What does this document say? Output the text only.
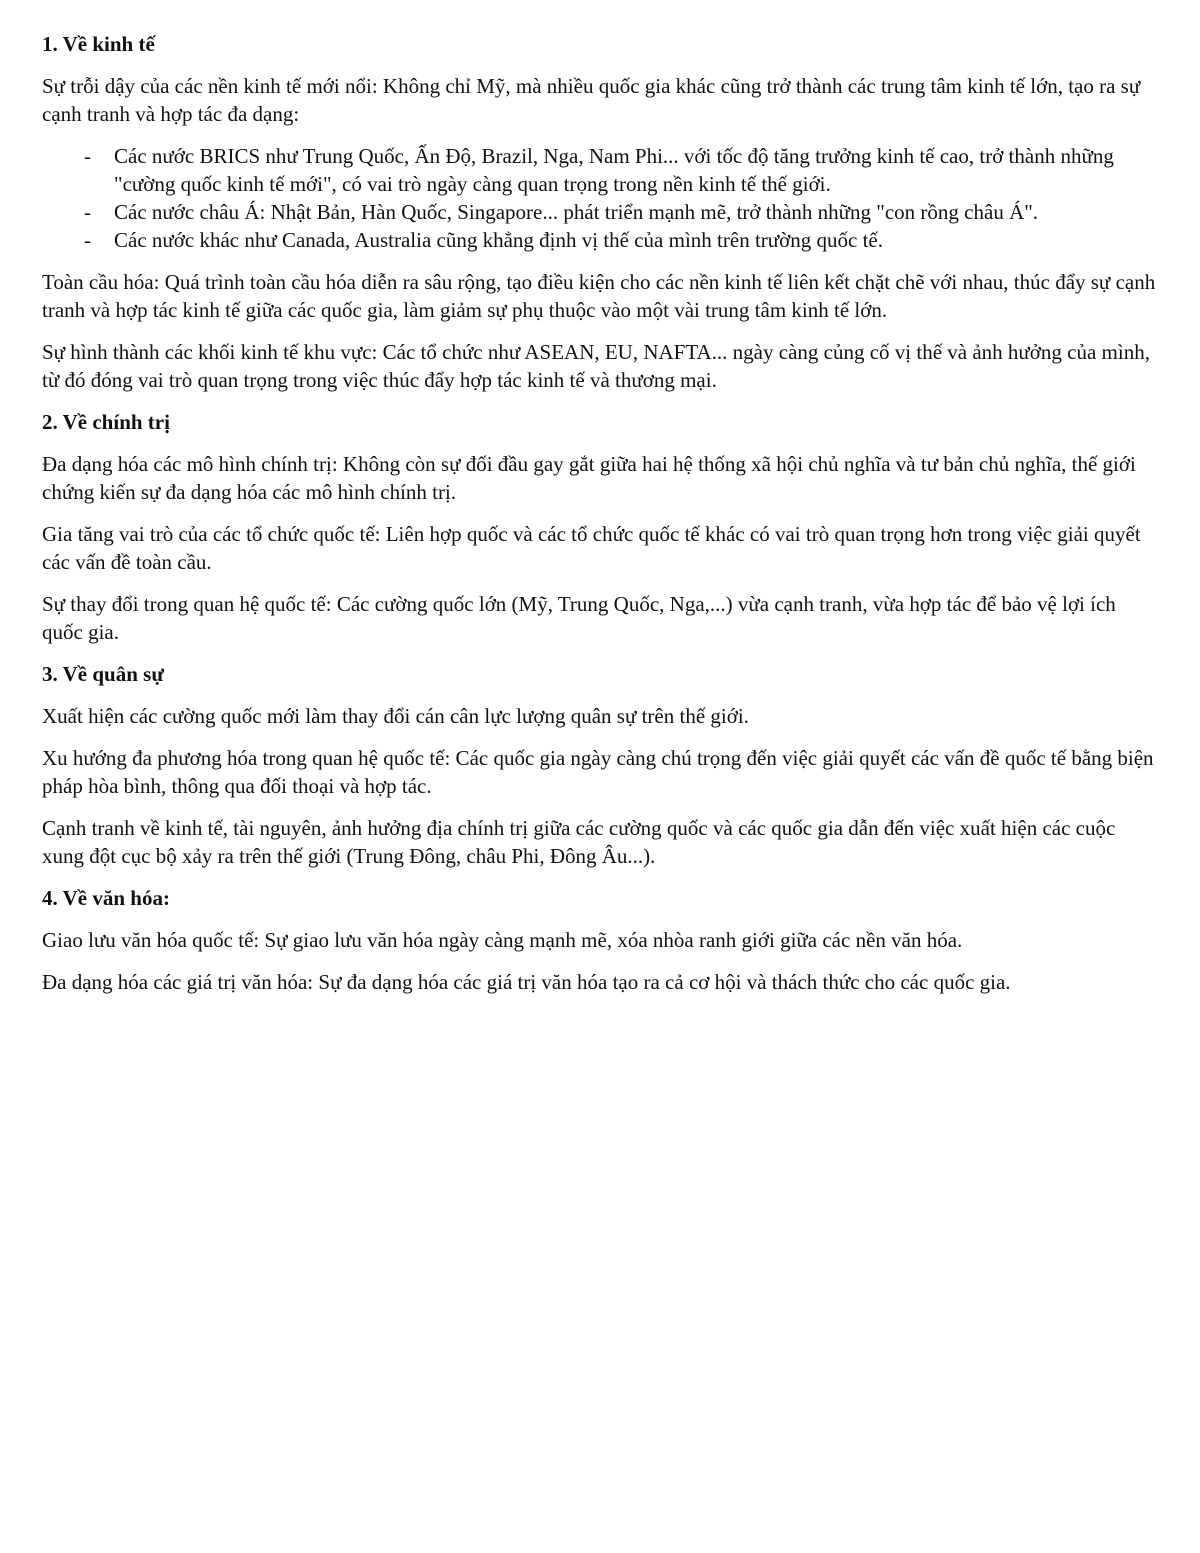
1. Về kinh tế

Sự trỗi dậy của các nền kinh tế mới nổi: Không chỉ Mỹ, mà nhiều quốc gia khác cũng trở thành các trung tâm kinh tế lớn, tạo ra sự cạnh tranh và hợp tác đa dạng:

- Các nước BRICS như Trung Quốc, Ấn Độ, Brazil, Nga, Nam Phi... với tốc độ tăng trưởng kinh tế cao, trở thành những "cường quốc kinh tế mới", có vai trò ngày càng quan trọng trong nền kinh tế thế giới.
- Các nước châu Á: Nhật Bản, Hàn Quốc, Singapore... phát triển mạnh mẽ, trở thành những "con rồng châu Á".
- Các nước khác như Canada, Australia cũng khẳng định vị thế của mình trên trường quốc tế.

Toàn cầu hóa: Quá trình toàn cầu hóa diễn ra sâu rộng, tạo điều kiện cho các nền kinh tế liên kết chặt chẽ với nhau, thúc đẩy sự cạnh tranh và hợp tác kinh tế giữa các quốc gia, làm giảm sự phụ thuộc vào một vài trung tâm kinh tế lớn.

Sự hình thành các khối kinh tế khu vực: Các tổ chức như ASEAN, EU, NAFTA... ngày càng củng cố vị thế và ảnh hưởng của mình, từ đó đóng vai trò quan trọng trong việc thúc đẩy hợp tác kinh tế và thương mại.

2. Về chính trị

Đa dạng hóa các mô hình chính trị: Không còn sự đối đầu gay gắt giữa hai hệ thống xã hội chủ nghĩa và tư bản chủ nghĩa, thế giới chứng kiến sự đa dạng hóa các mô hình chính trị.

Gia tăng vai trò của các tổ chức quốc tế: Liên hợp quốc và các tổ chức quốc tế khác có vai trò quan trọng hơn trong việc giải quyết các vấn đề toàn cầu.

Sự thay đổi trong quan hệ quốc tế: Các cường quốc lớn (Mỹ, Trung Quốc, Nga,...) vừa cạnh tranh, vừa hợp tác để bảo vệ lợi ích quốc gia.

3. Về quân sự

Xuất hiện các cường quốc mới làm thay đổi cán cân lực lượng quân sự trên thế giới.

Xu hướng đa phương hóa trong quan hệ quốc tế: Các quốc gia ngày càng chú trọng đến việc giải quyết các vấn đề quốc tế bằng biện pháp hòa bình, thông qua đối thoại và hợp tác.

Cạnh tranh về kinh tế, tài nguyên, ảnh hưởng địa chính trị giữa các cường quốc và các quốc gia dẫn đến việc xuất hiện các cuộc xung đột cục bộ xảy ra trên thế giới (Trung Đông, châu Phi, Đông Âu...).

4. Về văn hóa:

Giao lưu văn hóa quốc tế: Sự giao lưu văn hóa ngày càng mạnh mẽ, xóa nhòa ranh giới giữa các nền văn hóa.

Đa dạng hóa các giá trị văn hóa: Sự đa dạng hóa các giá trị văn hóa tạo ra cả cơ hội và thách thức cho các quốc gia.
